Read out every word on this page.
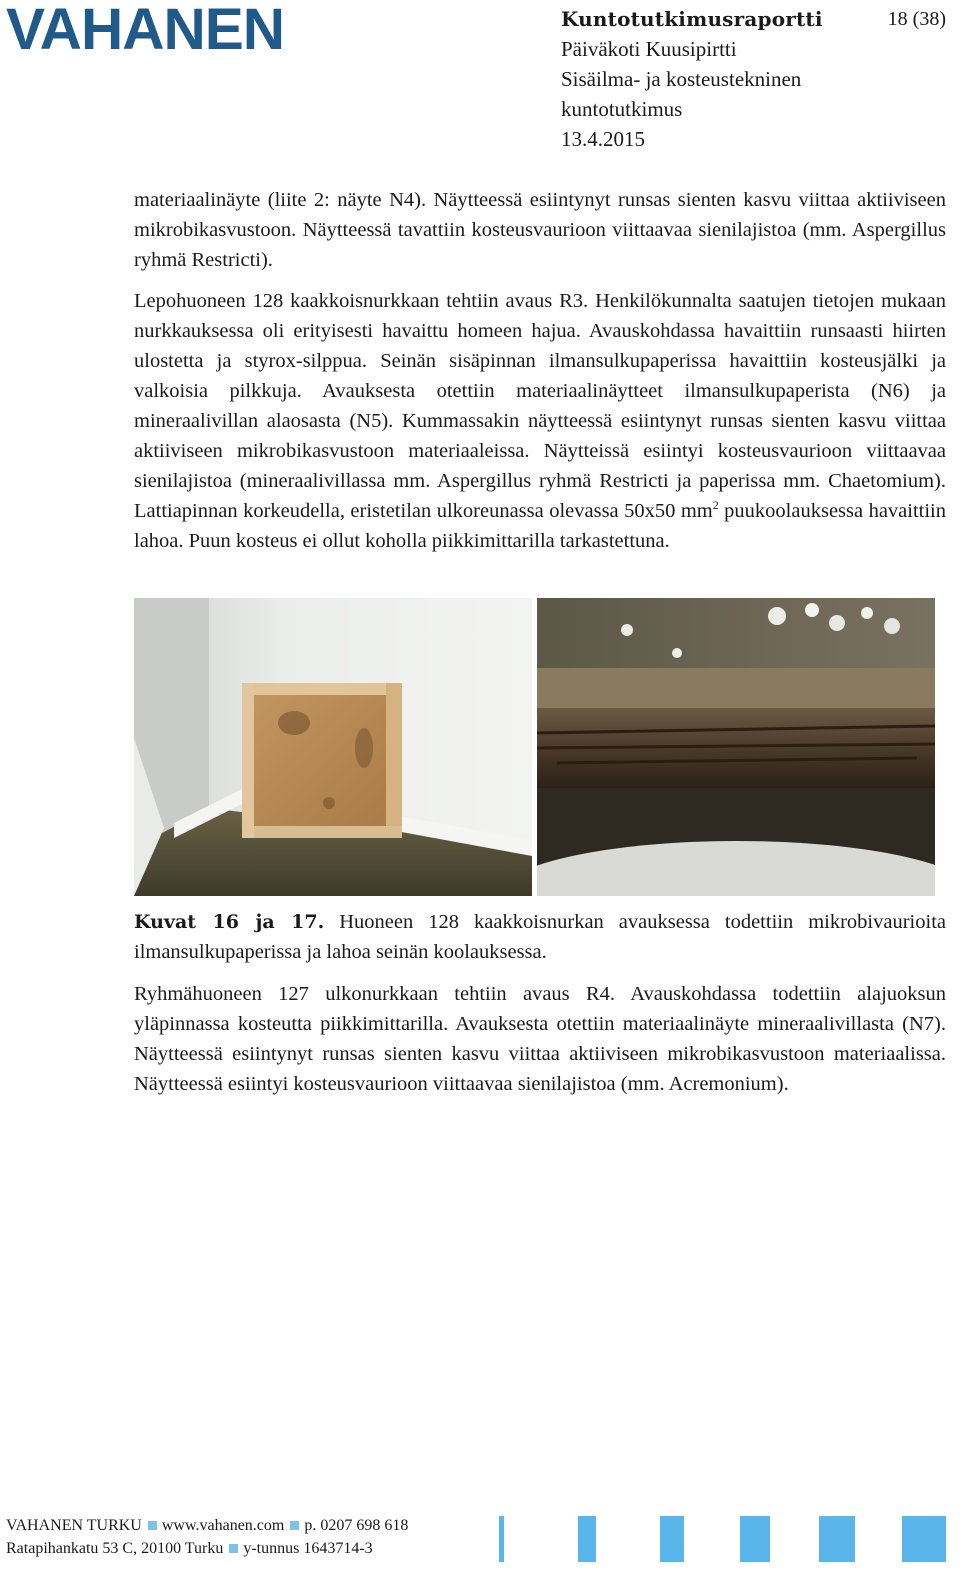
VAHANEN	Kuntotutkimusraportti
Päiväkoti Kuusipirtti
Sisäilma- ja kosteustekninen
kuntotutkimus
13.4.2015
18 (38)

materiaalinäyte (liite 2: näyte N4). Näytteessä esiintynyt runsas sienten kasvu viittaa aktiiviseen mikrobikasvustoon. Näytteessä tavattiin kosteusvaurioon viittaavaa sienilajistoa (mm. Aspergillus ryhmä Restricti).

Lepohuoneen 128 kaakkoisnurkkaan tehtiin avaus R3. Henkilökunnalta saatujen tietojen mukaan nurkkauksessa oli erityisesti havaittu homeen hajua. Avauskohdassa havaittiin runsaasti hiirten ulostetta ja styrox-silppua. Seinän sisäpinnan ilmansulkupaperissa havaittiin kosteusjälki ja valkoisia pilkkuja. Avauksesta otettiin materiaalinäytteet ilmansulkupaperista (N6) ja mineraalivillan alaosasta (N5). Kummassakin näytteessä esiintynyt runsas sienten kasvu viittaa aktiiviseen mikrobikasvustoon materiaaleissa. Näytteissä esiintyi kosteusvaurioon viittaavaa sienilajistoa (mineraalivillassa mm. Aspergillus ryhmä Restricti ja paperissa mm. Chaetomium). Lattiapinnan korkeudella, eristetilan ulkoreunassa olevassa 50x50 $mm^2$ puukoolauksessa havaittiin lahoa. Puun kosteus ei ollut koholla piikkimittarilla tarkastettuna.

Kuvat 16 ja 17. Huoneen 128 kaakkoisnurkan avauksessa todettiin mikrobivaurioita ilmansulkupaperissa ja lahoa seinän koolauksessa.

Ryhmähuoneen 127 ulkonurkkaan tehtiin avaus R4. Avauskohdassa todettiin alajuoksun yläpinnassa kosteutta piikkimittarilla. Avauksesta otettiin materiaalinäyte mineraalivillasta (N7). Näytteessä esiintynyt runsas sienten kasvu viittaa aktiiviseen mikrobikasvustoon materiaalissa. Näytteessä esiintyi kosteusvaurioon viittaavaa sienilajistoa (mm. Acremonium).

VAHANEN TURKU www.vahanen.com p. 0207 698 618
Ratapihankatu 53 C, 20100 Turku y-tunnus 1643714-3
